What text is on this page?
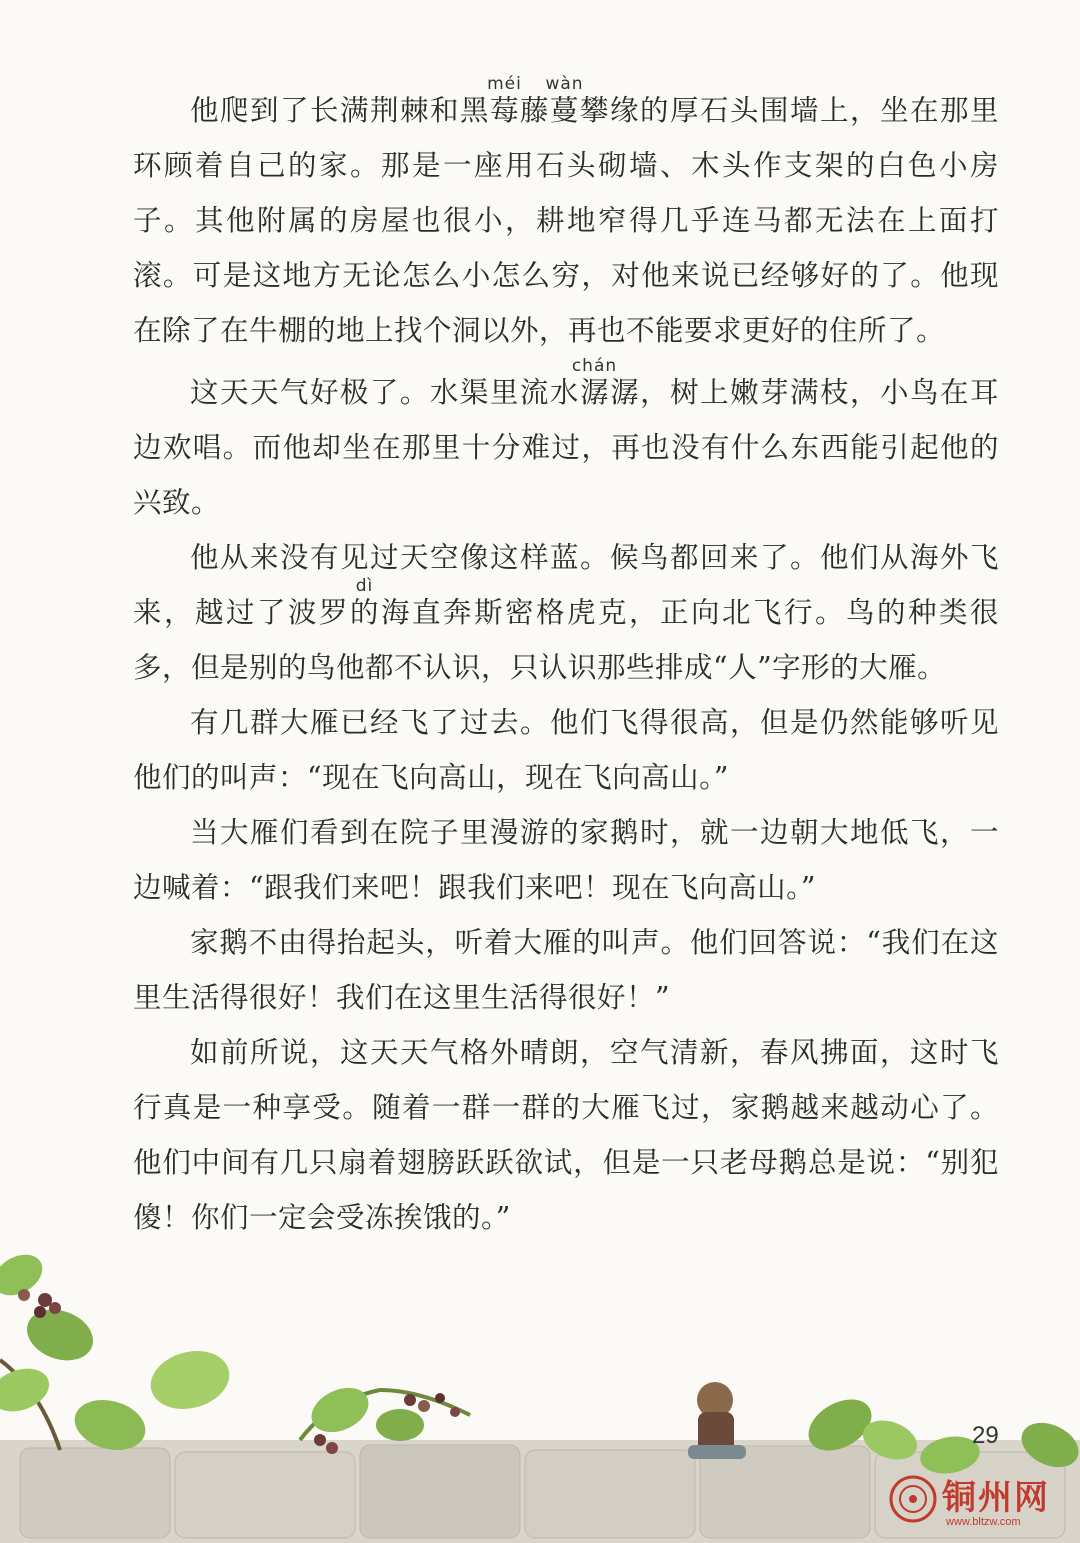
他爬到了长满荆棘和黑莓méi藤蔓wàn攀缘的厚石头围墙上，坐在那里环顾着自己的家。那是一座用石头砌墙、木头作支架的白色小房子。其他附属的房屋也很小，耕地窄得几乎连马都无法在上面打滚。可是这地方无论怎么小怎么穷，对他来说已经够好的了。他现在除了在牛棚的地上找个洞以外，再也不能要求更好的住所了。

这天天气好极了。水渠里流水潺chán潺，树上嫩芽满枝，小鸟在耳边欢唱。而他却坐在那里十分难过，再也没有什么东西能引起他的兴致。

他从来没有见过天空像这样蓝。候鸟都回来了。他们从海外飞来，越过了波罗的dì海直奔斯密格虎克，正向北飞行。鸟的种类很多，但是别的鸟他都不认识，只认识那些排成“人”字形的大雁。

有几群大雁已经飞了过去。他们飞得很高，但是仍然能够听见他们的叫声：“现在飞向高山，现在飞向高山。”

当大雁们看到在院子里漫游的家鹅时，就一边朝大地低飞，一边喊着：“跟我们来吧！跟我们来吧！现在飞向高山。”

家鹅不由得抬起头，听着大雁的叫声。他们回答说：“我们在这里生活得很好！我们在这里生活得很好！”

如前所说，这天天气格外晴朗，空气清新，春风拂面，这时飞行真是一种享受。随着一群一群的大雁飞过，家鹅越来越动心了。他们中间有几只扇着翅膀跃跃欲试，但是一只老母鹅总是说：“别犯傻！你们一定会受冻挨饿的。”

29
铜州网
www.bltzw.com
